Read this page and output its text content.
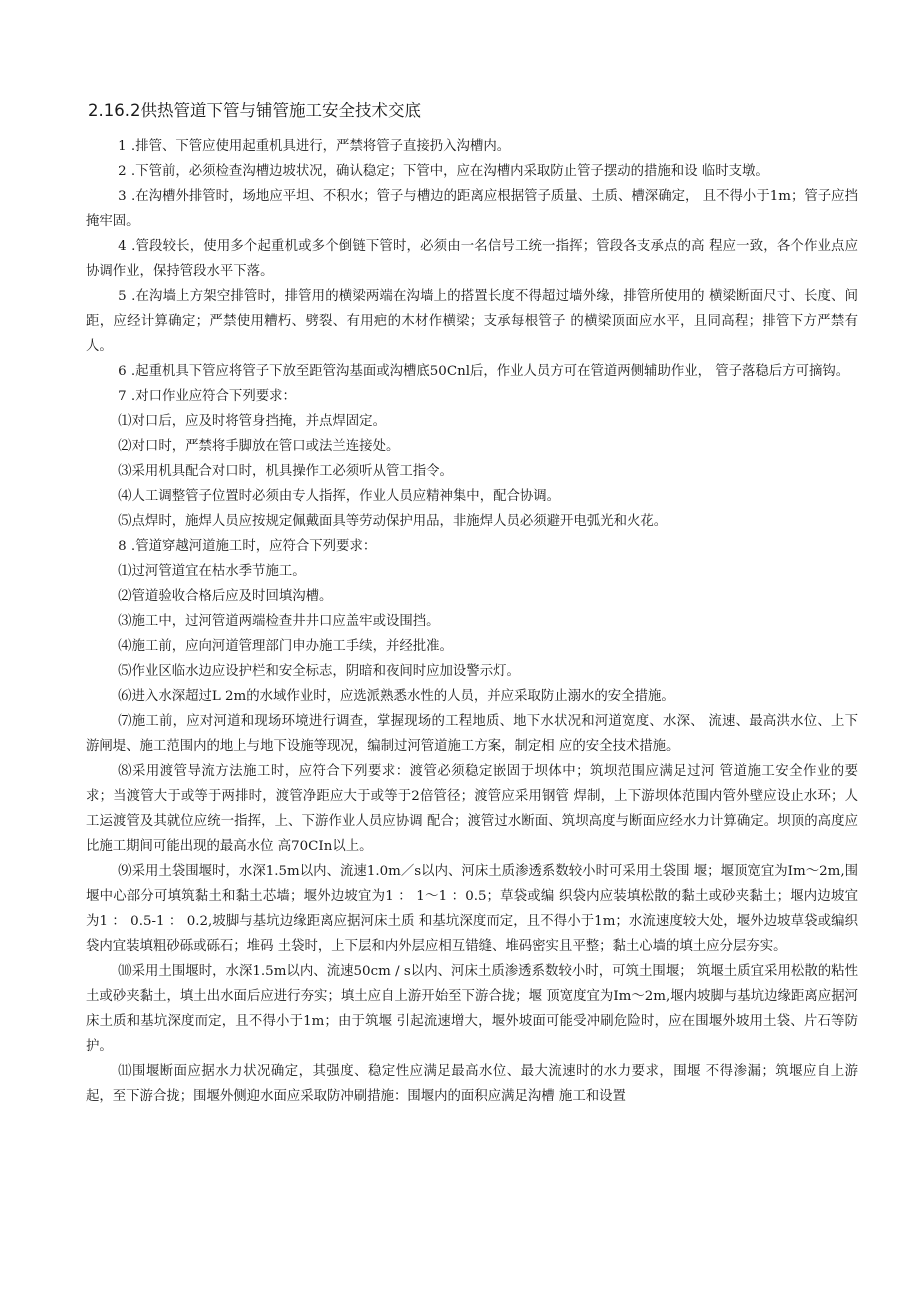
2.16.2供热管道下管与铺管施工安全技术交底

1 .排管、下管应使用起重机具进行，严禁将管子直接扔入沟槽内。

2 .下管前，必须检查沟槽边坡状况，确认稳定；下管中，应在沟槽内采取防止管子摆动的措施和设 临时支墩。

3 .在沟槽外排管时，场地应平坦、不积水；管子与槽边的距离应根据管子质量、土质、槽深确定， 且不得小于1m；管子应挡掩牢固。

4 .管段较长，使用多个起重机或多个倒链下管时，必须由一名信号工统一指挥；管段各支承点的高 程应一致，各个作业点应协调作业，保持管段水平下落。

5 .在沟墙上方架空排管时，排管用的横梁两端在沟墙上的搭置长度不得超过墙外缘，排管所使用的 横梁断面尺寸、长度、间距，应经计算确定；严禁使用糟朽、劈裂、有用疤的木材作横梁；支承每根管子 的横梁顶面应水平，且同高程；排管下方严禁有人。

6 .起重机具下管应将管子下放至距管沟基面或沟槽底50Cnl后，作业人员方可在管道两侧辅助作业， 管子落稳后方可摘钩。

7 .对口作业应符合下列要求：

⑴对口后，应及时将管身挡掩，并点焊固定。

⑵对口时，严禁将手脚放在管口或法兰连接处。

⑶采用机具配合对口时，机具操作工必须听从管工指令。

⑷人工调整管子位置时必须由专人指挥，作业人员应精神集中，配合协调。

⑸点焊时，施焊人员应按规定佩戴面具等劳动保护用品，非施焊人员必须避开电弧光和火花。

8 .管道穿越河道施工时，应符合下列要求：

⑴过河管道宜在枯水季节施工。

⑵管道验收合格后应及时回填沟槽。

⑶施工中，过河管道两端检查井井口应盖牢或设围挡。

⑷施工前，应向河道管理部门申办施工手续，并经批准。

⑸作业区临水边应设护栏和安全标志，阴暗和夜间时应加设警示灯。

⑹进入水深超过L 2m的水域作业时，应选派熟悉水性的人员，并应采取防止溺水的安全措施。

⑺施工前，应对河道和现场环境进行调查，掌握现场的工程地质、地下水状况和河道宽度、水深、 流速、最高洪水位、上下游闸堤、施工范围内的地上与地下设施等现况，编制过河管道施工方案，制定相 应的安全技术措施。

⑻采用渡管导流方法施工时，应符合下列要求：渡管必须稳定嵌固于坝体中；筑坝范围应满足过河 管道施工安全作业的要求；当渡管大于或等于两排时，渡管净距应大于或等于2倍管径；渡管应采用钢管 焊制，上下游坝体范围内管外壁应设止水环；人工运渡管及其就位应统一指挥，上、下游作业人员应协调 配合；渡管过水断面、筑坝高度与断面应经水力计算确定。坝顶的高度应比施工期间可能出现的最高水位 高70CIn以上。

⑼采用土袋围堰时，水深1.5m以内、流速1.0m／s以内、河床土质渗透系数较小时可采用土袋围 堰；堰顶宽宜为Im〜2m,围堰中心部分可填筑黏土和黏土芯墙；堰外边坡宜为1 ： 1〜1 ：0.5；草袋或编 织袋内应装填松散的黏土或砂夹黏土；堰内边坡宜为1 ： 0.5-1 ： 0.2,坡脚与基坑边缘距离应据河床土质 和基坑深度而定，且不得小于1m；水流速度较大处，堰外边坡草袋或编织袋内宜装填粗砂砾或砾石；堆码 土袋时，上下层和内外层应相互错缝、堆码密实且平整；黏土心墙的填土应分层夯实。

⑽采用土围堰时，水深1.5m以内、流速50cm / s以内、河床土质渗透系数较小时，可筑土围堰； 筑堰土质宜采用松散的粘性土或砂夹黏土，填土出水面后应进行夯实；填土应自上游开始至下游合拢；堰 顶宽度宜为Im〜2m,堰内坡脚与基坑边缘距离应据河床土质和基坑深度而定，且不得小于1m；由于筑堰 引起流速增大，堰外坡面可能受冲刷危险时，应在围堰外坡用土袋、片石等防护。

⑾围堰断面应据水力状况确定，其强度、稳定性应满足最高水位、最大流速时的水力要求，围堰 不得渗漏；筑堰应自上游起，至下游合拢；围堰外侧迎水面应采取防冲刷措施：围堰内的面积应满足沟槽 施工和设置
